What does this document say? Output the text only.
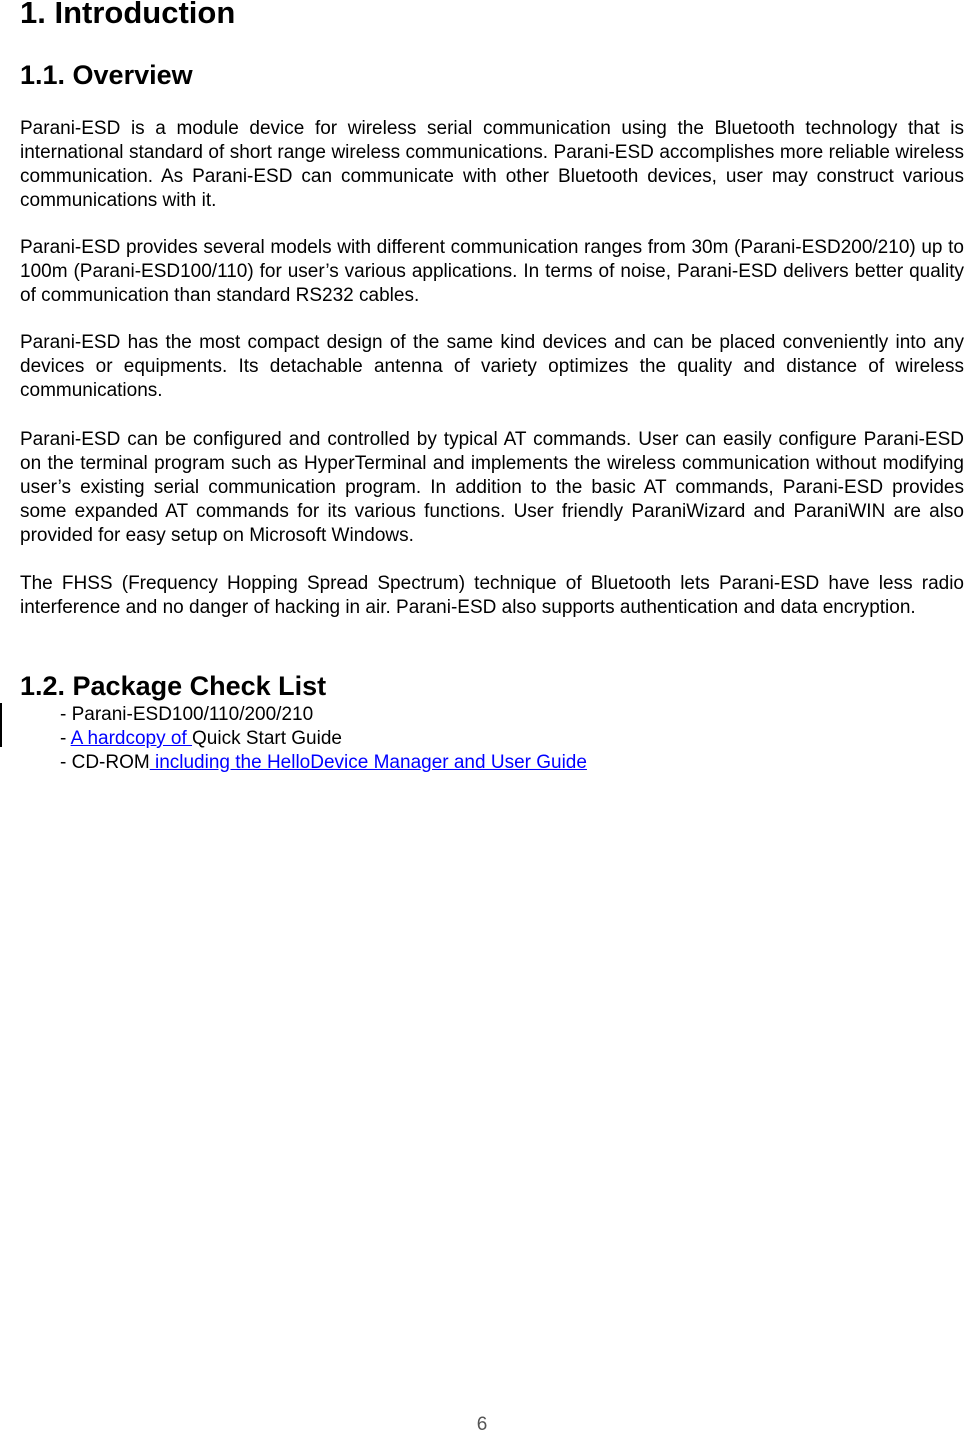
1. Introduction
1.1. Overview

Parani-ESD is a module device for wireless serial communication using the Bluetooth technology that is international standard of short range wireless communications. Parani-ESD accomplishes more reliable wireless communication. As Parani-ESD can communicate with other Bluetooth devices, user may construct various communications with it.

Parani-ESD provides several models with different communication ranges from 30m (Parani-ESD200/210) up to 100m (Parani-ESD100/110) for user’s various applications. In terms of noise, Parani-ESD delivers better quality of communication than standard RS232 cables.

Parani-ESD has the most compact design of the same kind devices and can be placed conveniently into any devices or equipments. Its detachable antenna of variety optimizes the quality and distance of wireless communications.

Parani-ESD can be configured and controlled by typical AT commands. User can easily configure Parani-ESD on the terminal program such as HyperTerminal and implements the wireless communication without modifying user’s existing serial communication program. In addition to the basic AT commands, Parani-ESD provides some expanded AT commands for its various functions. User friendly ParaniWizard and ParaniWIN are also provided for easy setup on Microsoft Windows.

The FHSS (Frequency Hopping Spread Spectrum) technique of Bluetooth lets Parani-ESD have less radio interference and no danger of hacking in air. Parani-ESD also supports authentication and data encryption.

1.2. Package Check List
- Parani-ESD100/110/200/210
- A hardcopy of Quick Start Guide
- CD-ROM including the HelloDevice Manager and User Guide
6
